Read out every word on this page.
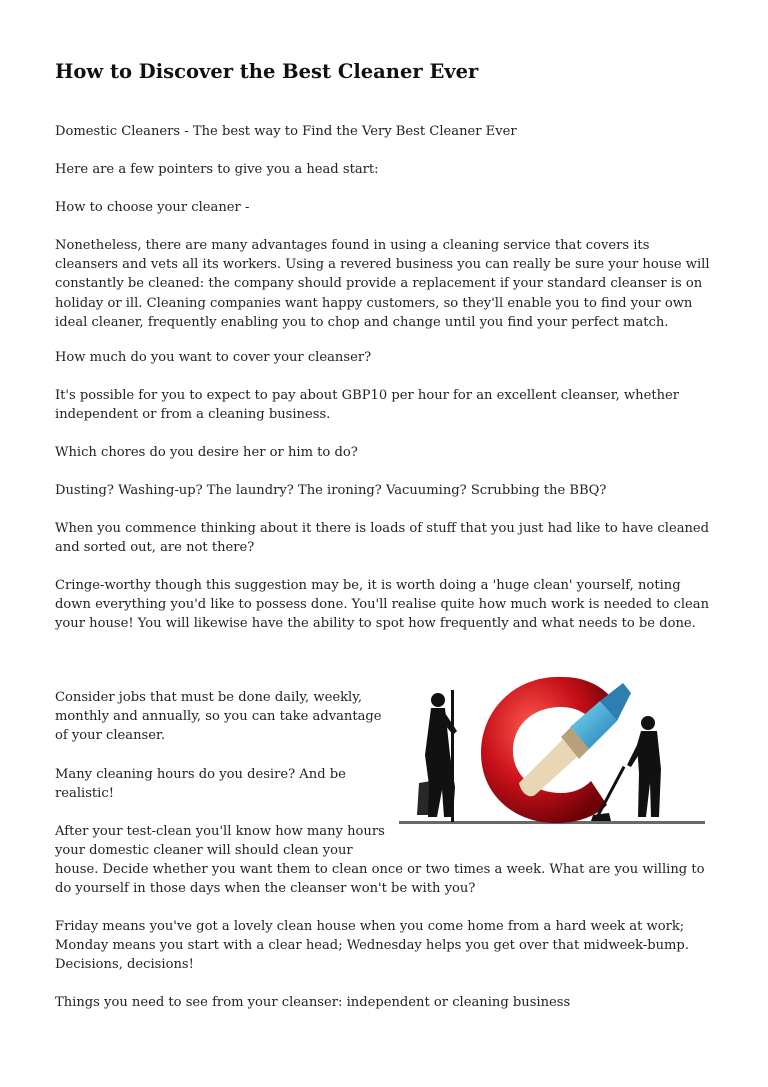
How to Discover the Best Cleaner Ever

Domestic Cleaners - The best way to Find the Very Best Cleaner Ever

Here are a few pointers to give you a head start:

How to choose your cleaner -

Nonetheless, there are many advantages found in using a cleaning service that covers its cleansers and vets all its workers. Using a revered business you can really be sure your house will constantly be cleaned: the company should provide a replacement if your standard cleanser is on holiday or ill. Cleaning companies want happy customers, so they'll enable you to find your own ideal cleaner, frequently enabling you to chop and change until you find your perfect match.

How much do you want to cover your cleanser?

It's possible for you to expect to pay about GBP10 per hour for an excellent cleanser, whether independent or from a cleaning business.

Which chores do you desire her or him to do?

Dusting? Washing-up? The laundry? The ironing? Vacuuming? Scrubbing the BBQ?

When you commence thinking about it there is loads of stuff that you just had like to have cleaned and sorted out, are not there?

Cringe-worthy though this suggestion may be, it is worth doing a 'huge clean' yourself, noting down everything you'd like to possess done. You'll realise quite how much work is needed to clean your house! You will likewise have the ability to spot how frequently and what needs to be done.

Consider jobs that must be done daily, weekly, monthly and annually, so you can take advantage of your cleanser.

Many cleaning hours do you desire? And be realistic!

After your test-clean you'll know how many hours your domestic cleaner will should clean your

house. Decide whether you want them to clean once or two times a week. What are you willing to do yourself in those days when the cleanser won't be with you?

Friday means you've got a lovely clean house when you come home from a hard week at work; Monday means you start with a clear head; Wednesday helps you get over that midweek-bump. Decisions, decisions!

Things you need to see from your cleanser: independent or cleaning business
